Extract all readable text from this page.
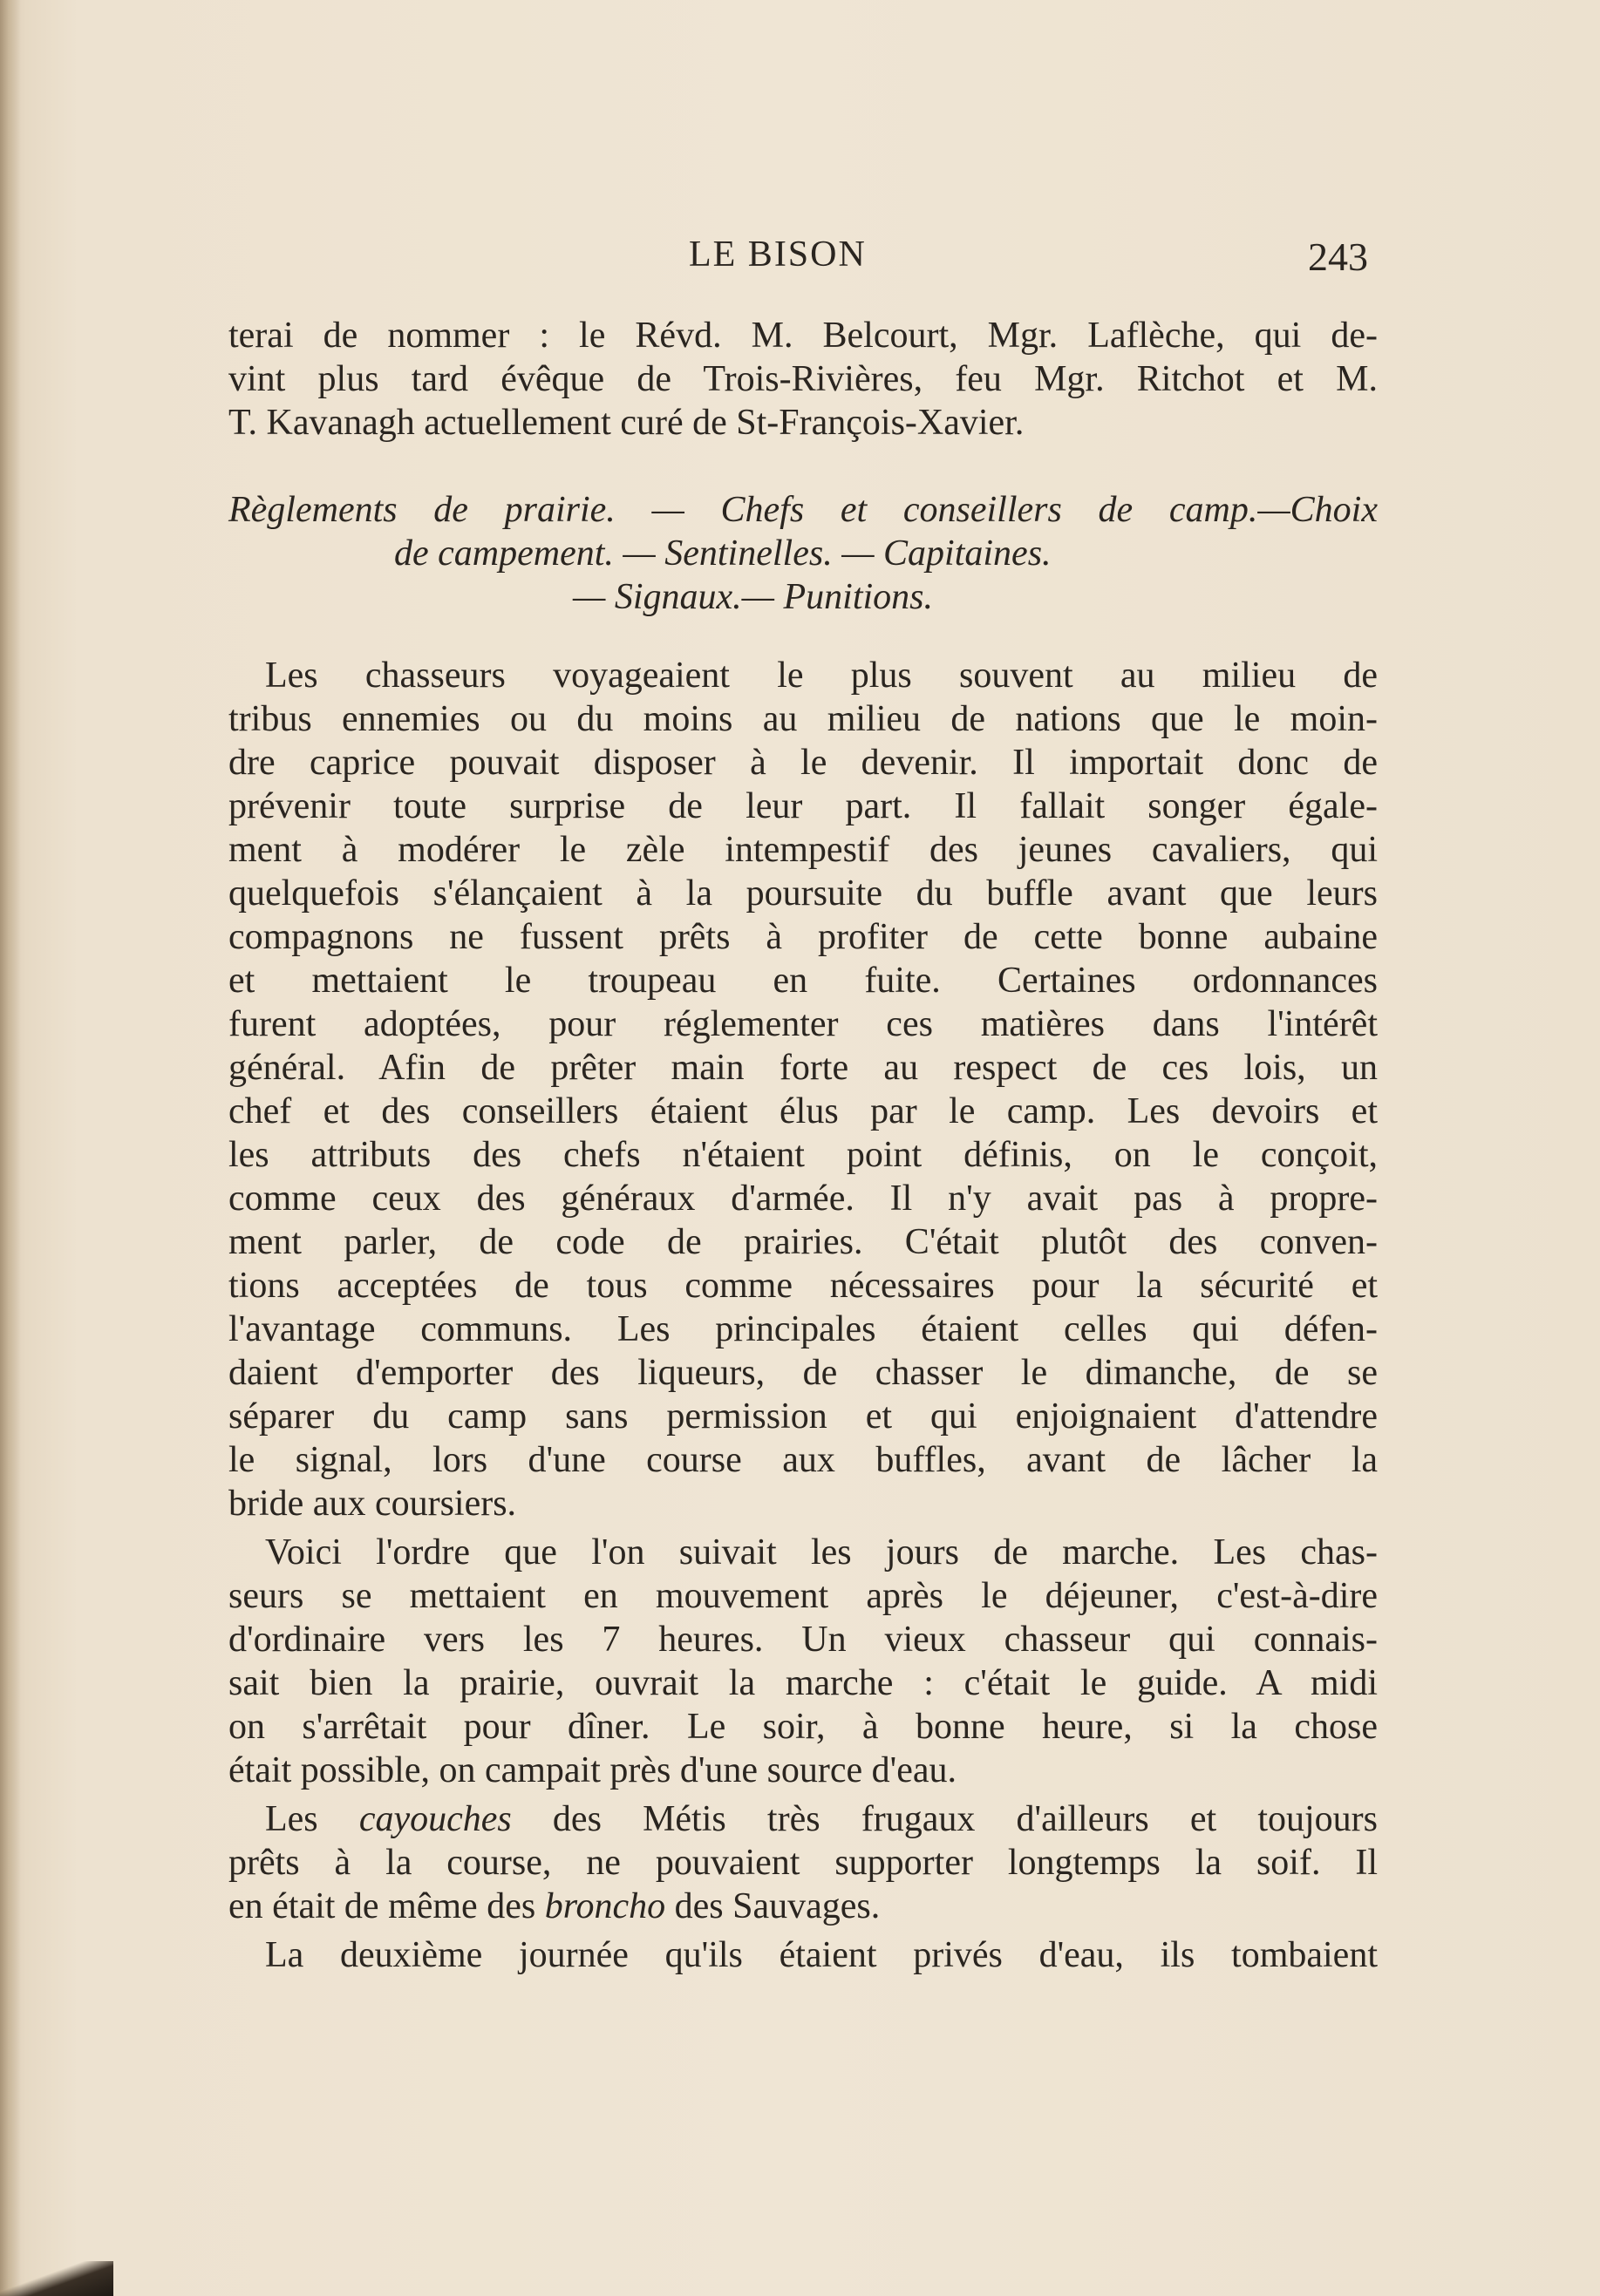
LE BISON	243
terai de nommer : le Révd. M. Belcourt, Mgr. Laflèche, qui de-
vint plus tard évêque de Trois-Rivières, feu Mgr. Ritchot et M.
T. Kavanagh actuellement curé de St-François-Xavier.
Règlements de prairie. — Chefs et conseillers de camp.—Choix
de campement. — Sentinelles. — Capitaines.
— Signaux.— Punitions.
Les chasseurs voyageaient le plus souvent au milieu de
tribus ennemies ou du moins au milieu de nations que le moin-
dre caprice pouvait disposer à le devenir. Il importait donc de
prévenir toute surprise de leur part. Il fallait songer égale-
ment à modérer le zèle intempestif des jeunes cavaliers, qui
quelquefois s'élançaient à la poursuite du buffle avant que leurs
compagnons ne fussent prêts à profiter de cette bonne aubaine
et mettaient le troupeau en fuite. Certaines ordonnances
furent adoptées, pour réglementer ces matières dans l'intérêt
général. Afin de prêter main forte au respect de ces lois, un
chef et des conseillers étaient élus par le camp. Les devoirs et
les attributs des chefs n'étaient point définis, on le conçoit,
comme ceux des généraux d'armée. Il n'y avait pas à propre-
ment parler, de code de prairies. C'était plutôt des conven-
tions acceptées de tous comme nécessaires pour la sécurité et
l'avantage communs. Les principales étaient celles qui défen-
daient d'emporter des liqueurs, de chasser le dimanche, de se
séparer du camp sans permission et qui enjoignaient d'attendre
le signal, lors d'une course aux buffles, avant de lâcher la
bride aux coursiers.
Voici l'ordre que l'on suivait les jours de marche. Les chas-
seurs se mettaient en mouvement après le déjeuner, c'est-à-dire
d'ordinaire vers les 7 heures. Un vieux chasseur qui connais-
sait bien la prairie, ouvrait la marche : c'était le guide. A midi
on s'arrêtait pour dîner. Le soir, à bonne heure, si la chose
était possible, on campait près d'une source d'eau.
Les cayouches des Métis très frugaux d'ailleurs et toujours
prêts à la course, ne pouvaient supporter longtemps la soif. Il
en était de même des broncho des Sauvages.
La deuxième journée qu'ils étaient privés d'eau, ils tombaient
